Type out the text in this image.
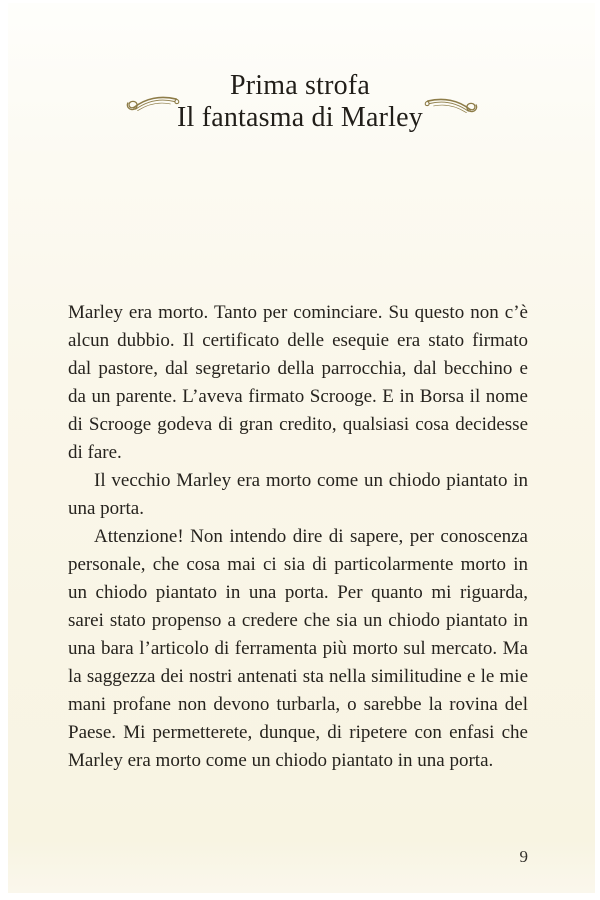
Prima strofa
Il fantasma di Marley

Marley era morto. Tanto per cominciare. Su questo non c’è alcun dubbio. Il certificato delle esequie era stato firmato dal pastore, dal segretario della parrocchia, dal becchino e da un parente. L’aveva firmato Scrooge. E in Borsa il nome di Scrooge godeva di gran credito, qualsiasi cosa decidesse di fare.

Il vecchio Marley era morto come un chiodo piantato in una porta.

Attenzione! Non intendo dire di sapere, per conoscenza personale, che cosa mai ci sia di particolarmente morto in un chiodo piantato in una porta. Per quanto mi riguarda, sarei stato propenso a credere che sia un chiodo piantato in una bara l’articolo di ferramenta più morto sul mercato. Ma la saggezza dei nostri antenati sta nella similitudine e le mie mani profane non devono turbarla, o sarebbe la rovina del Paese. Mi permetterete, dunque, di ripetere con enfasi che Marley era morto come un chiodo piantato in una porta.

9
